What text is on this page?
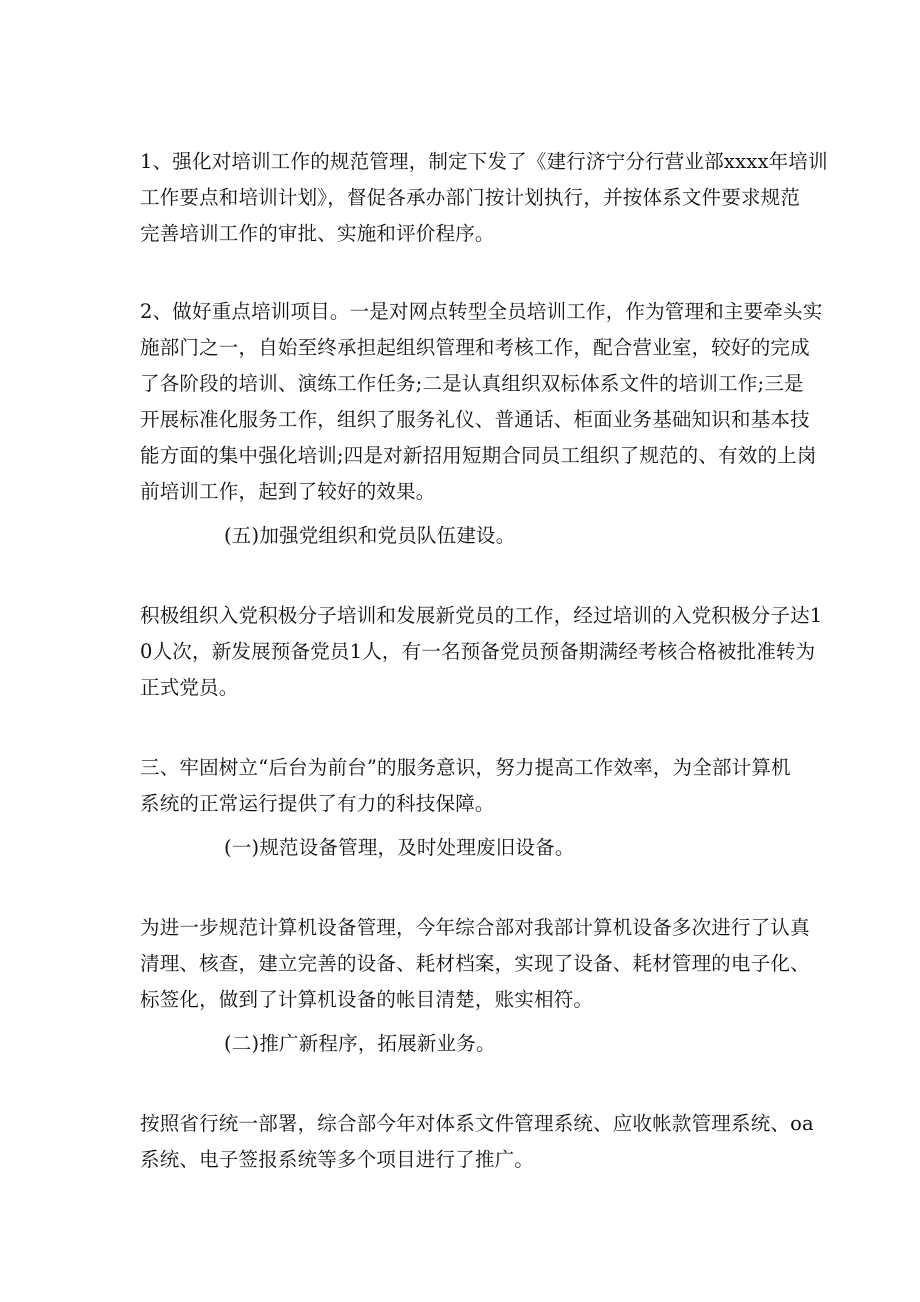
1、强化对培训工作的规范管理，制定下发了《建行济宁分行营业部xxxx年培训
工作要点和培训计划》，督促各承办部门按计划执行，并按体系文件要求规范
完善培训工作的审批、实施和评价程序。
2、做好重点培训项目。一是对网点转型全员培训工作，作为管理和主要牵头实
施部门之一，自始至终承担起组织管理和考核工作，配合营业室，较好的完成
了各阶段的培训、演练工作任务;二是认真组织双标体系文件的培训工作;三是
开展标准化服务工作，组织了服务礼仪、普通话、柜面业务基础知识和基本技
能方面的集中强化培训;四是对新招用短期合同员工组织了规范的、有效的上岗
前培训工作，起到了较好的效果。
(五)加强党组织和党员队伍建设。
积极组织入党积极分子培训和发展新党员的工作，经过培训的入党积极分子达1
0人次，新发展预备党员1人，有一名预备党员预备期满经考核合格被批准转为
正式党员。
三、牢固树立“后台为前台”的服务意识，努力提高工作效率，为全部计算机
系统的正常运行提供了有力的科技保障。
(一)规范设备管理，及时处理废旧设备。
为进一步规范计算机设备管理，今年综合部对我部计算机设备多次进行了认真
清理、核查，建立完善的设备、耗材档案，实现了设备、耗材管理的电子化、
标签化，做到了计算机设备的帐目清楚，账实相符。
(二)推广新程序，拓展新业务。
按照省行统一部署，综合部今年对体系文件管理系统、应收帐款管理系统、oa
系统、电子签报系统等多个项目进行了推广。
